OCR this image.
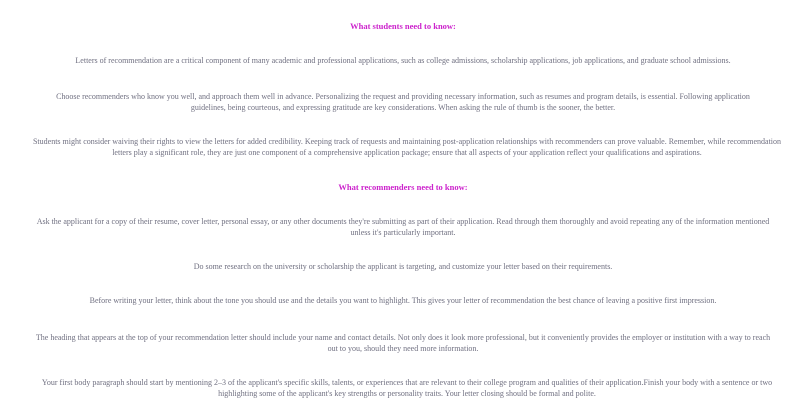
What students need to know:

Letters of recommendation are a critical component of many academic and professional applications, such as college admissions, scholarship applications, job applications, and graduate school admissions.

Choose recommenders who know you well, and approach them well in advance. Personalizing the request and providing necessary information, such as resumes and program details, is essential. Following application guidelines, being courteous, and expressing gratitude are key considerations. When asking the rule of thumb is the sooner, the better.

Students might consider waiving their rights to view the letters for added credibility. Keeping track of requests and maintaining post-application relationships with recommenders can prove valuable. Remember, while recommendation letters play a significant role, they are just one component of a comprehensive application package; ensure that all aspects of your application reflect your qualifications and aspirations.

What recommenders need to know:

Ask the applicant for a copy of their resume, cover letter, personal essay, or any other documents they're submitting as part of their application. Read through them thoroughly and avoid repeating any of the information mentioned unless it's particularly important.

Do some research on the university or scholarship the applicant is targeting, and customize your letter based on their requirements.

Before writing your letter, think about the tone you should use and the details you want to highlight. This gives your letter of recommendation the best chance of leaving a positive first impression.

The heading that appears at the top of your recommendation letter should include your name and contact details. Not only does it look more professional, but it conveniently provides the employer or institution with a way to reach out to you, should they need more information.

Your first body paragraph should start by mentioning 2–3 of the applicant's specific skills, talents, or experiences that are relevant to their college program and qualities of their application.Finish your body with a sentence or two highlighting some of the applicant's key strengths or personality traits. Your letter closing should be formal and polite.
